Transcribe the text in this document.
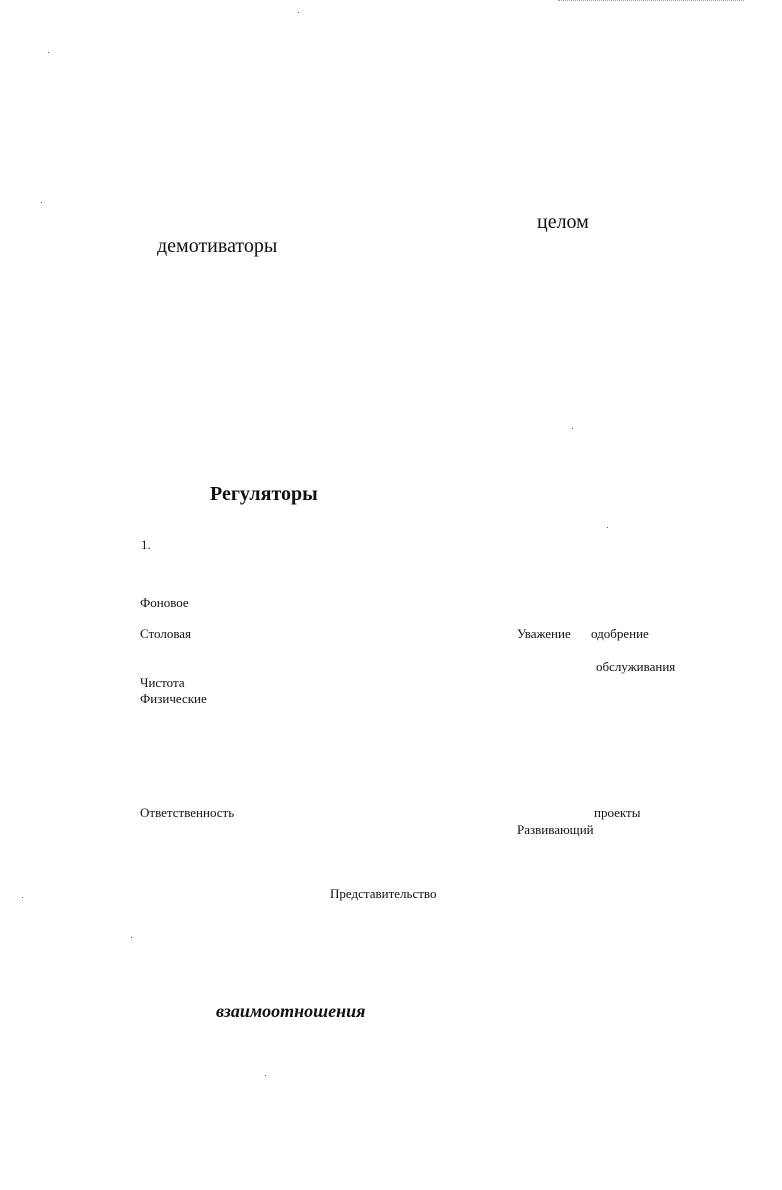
целом
демотиваторы
Регуляторы
1.
Фоновое
Столовая	Уважение одобрение
обслуживания
Чистота
Физические
Ответственность	проекты
Развивающий
Представительство
взаимоотношения
